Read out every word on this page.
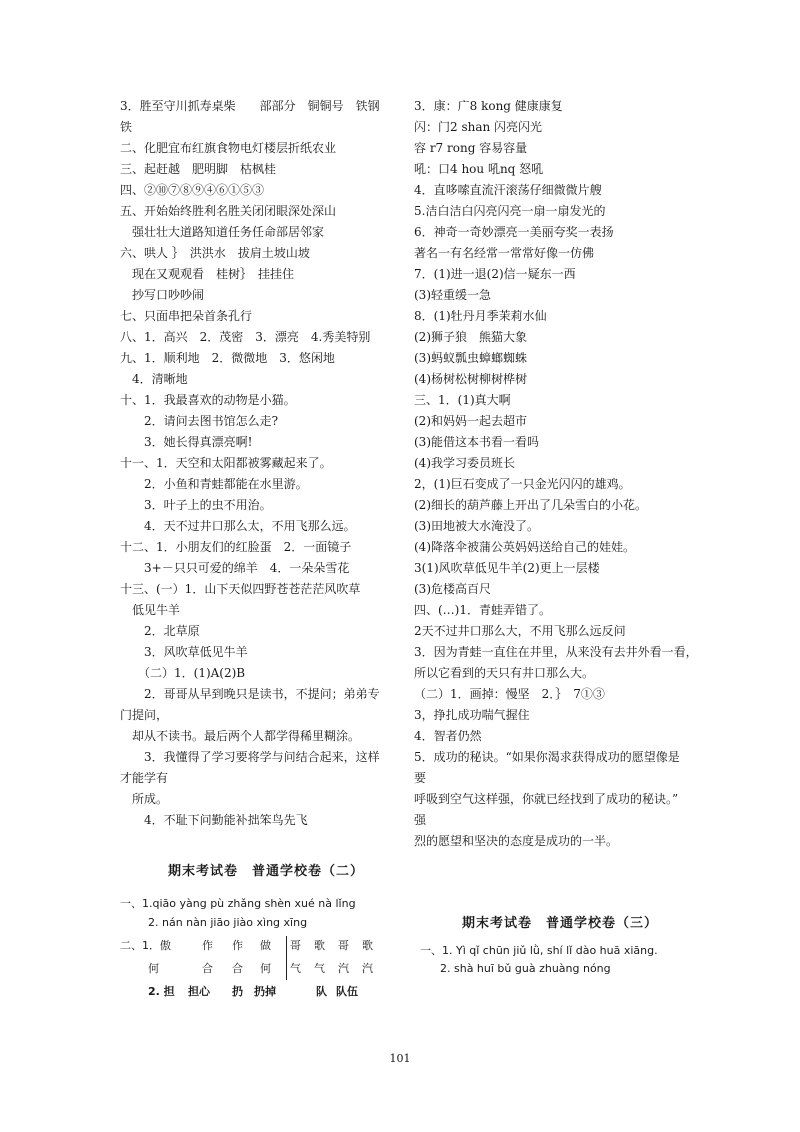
3．胜至守川抓寿桌柴　　部部分　铜铜号　铁钢
铁
二、化肥宜布红旗食物电灯楼层折纸农业
三、起赶越　肥明脚　枯枫桂
四、②⑩⑦⑧⑨④⑥①⑤③
五、开始始终胜利名胜关闭闭眼深处深山
　强壮壮大道路知道任务任命部居邻家
六、哄人 ｝　洪洪水　拔肩土坡山坡
　现在又观观看　桂树｝　挂挂住
　抄写口吵吵闹
七、只面串把朵首条孔行
八、1．高兴　2．茂密　3．漂亮　4.秀美特别
九、1．顺利地　2．微微地　3．悠闲地
　4．清晰地
十、1．我最喜欢的动物是小猫。
　　2．请问去图书馆怎么走?
　　3．她长得真漂亮啊!
十一、1．天空和太阳都被雾藏起来了。
　　2．小鱼和青蛙都能在水里游。
　　3．叶子上的虫不用治。
　　4．天不过井口那么太，不用飞那么远。
十二、1．小朋友们的红脸蛋　2．一面镜子
　　3+－只只可爱的绵羊　4．一朵朵雪花
十三、(一）1．山下天似四野苍苍茫茫风吹草
　低见牛羊
　　2．北草原
　　3．风吹草低见牛羊
　　（二）1．(1)A(2)B
　　2．哥哥从早到晚只是读书，不提问；弟弟专
门提问，
　却从不读书。最后两个人都学得稀里糊涂。
　　3．我懂得了学习要将学与问结合起来，这样
才能学有
　所成。
　　4．不耻下问勤能补拙笨鸟先飞
3．康：广8 kong 健康康复
闪：门2 shan 闪亮闪光
容 r7 rong 容易容量
吼：口4 hou 吼nq 怒吼
4．直哆嗦直流汗滚荡仔细微微片艘
5.洁白洁白闪亮闪亮一扇一扇发光的
6．神奇一奇妙漂亮一美丽夸奖一表扬
著名一有名经常一常常好像一仿佛
7．(1)进一退(2)信一疑东一西
(3)轻重缓一急
8．(1)牡丹月季茉莉水仙
(2)狮子狼　熊猫大象
(3)蚂蚁瓢虫蟑螂蜘蛛
(4)杨树松树柳树桦树
三、1．(1)真大啊
(2)和妈妈一起去超市
(3)能借这本书看一看吗
(4)我学习委员班长
2，(1)巨石变成了一只金光闪闪的雄鸡。
(2)细长的葫芦藤上开出了几朵雪白的小花。
(3)田地被大水淹没了。
(4)降落伞被蒲公英妈妈送给自己的娃娃。
3(1)风吹草低见牛羊(2)更上一层楼
(3)危楼高百尺
四、(…)1．青蛙弄错了。
2天不过井口那么大，不用飞那么远反问
3．因为青蛙一直住在井里，从来没有去井外看一看，
所以它看到的天只有井口那么大。
（二）1．画掉：慢坚　2．｝　7①③
3，挣扎成功喘气握住
4．智者仍然
5．成功的秘诀。“如果你渴求获得成功的愿望像是
要
呼吸到空气这样强，你就已经找到了成功的秘诀。”
强
烈的愿望和坚决的态度是成功的一半。
期末考试卷　普通学校卷（二）
一、1.qiāo yàng pù zhǎng shèn xué nà lǐng
2. nán nàn jiāo jiào xìng xīng
二、1．傲	作 作 做 哥 歌 哥 歌
何	合 合 何 气 气 汽 汽
2. 担 担心 扔 扔掉	队 队伍
期末考试卷　普通学校卷（三）
一、1. Yì qǐ chūn jiǔ lǜ, shí lǐ dào huā xiāng.
2. shà huī bǔ guà zhuàng nóng
101
